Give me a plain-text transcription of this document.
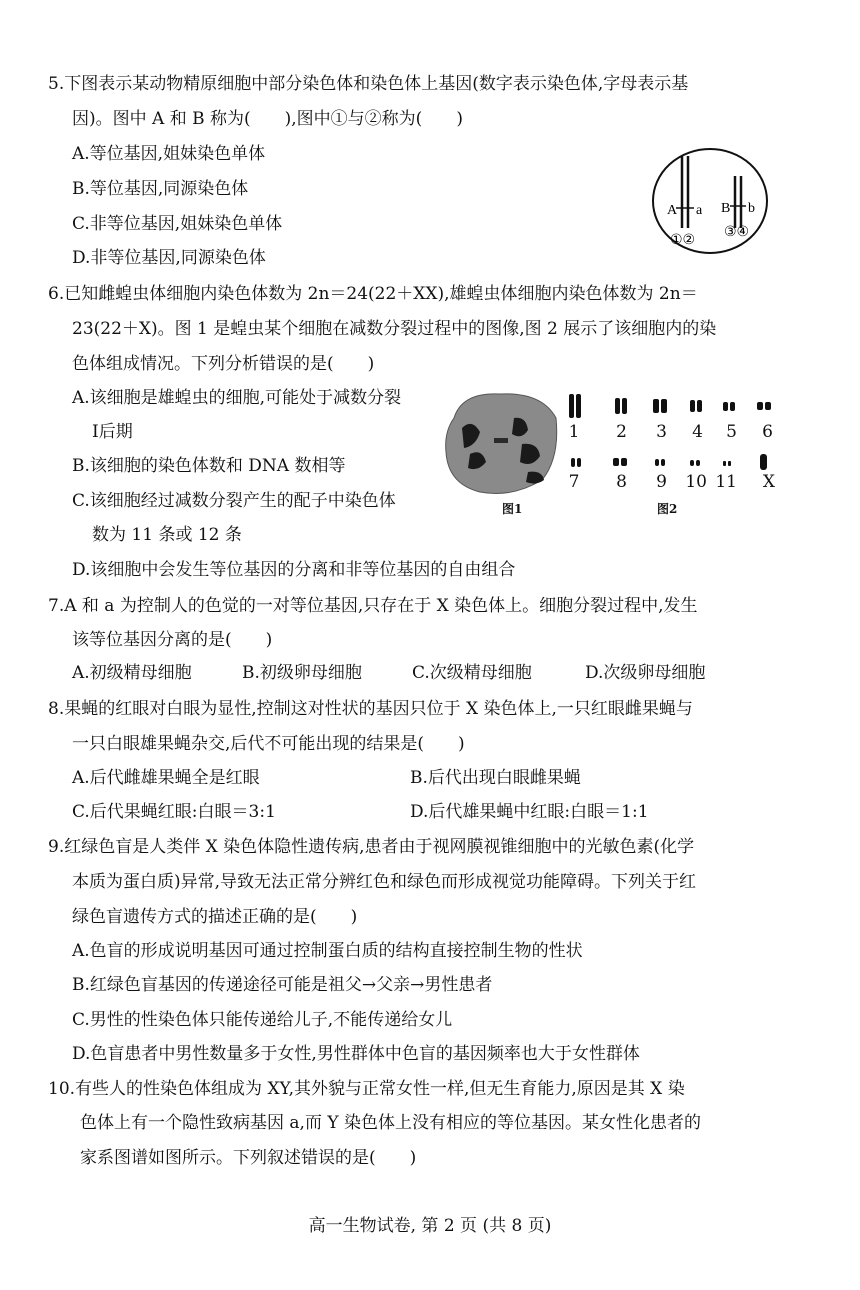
5.下图表示某动物精原细胞中部分染色体和染色体上基因(数字表示染色体,字母表示基
因)。图中 A 和 B 称为(　　),图中①与②称为(　　)
A.等位基因,姐妹染色单体
B.等位基因,同源染色体
C.非等位基因,姐妹染色单体
D.非等位基因,同源染色体
A a B b
①② ③④
6.已知雌蝗虫体细胞内染色体数为 2n＝24(22＋XX),雄蝗虫体细胞内染色体数为 2n＝
23(22＋X)。图 1 是蝗虫某个细胞在减数分裂过程中的图像,图 2 展示了该细胞内的染
色体组成情况。下列分析错误的是(　　)
A.该细胞是雄蝗虫的细胞,可能处于减数分裂
Ⅰ后期
B.该细胞的染色体数和 DNA 数相等
C.该细胞经过减数分裂产生的配子中染色体
数为 11 条或 12 条
D.该细胞中会发生等位基因的分离和非等位基因的自由组合
图1
1	2	3	4	5	6
7	8	9	10 11	X
图2
7.A 和 a 为控制人的色觉的一对等位基因,只存在于 X 染色体上。细胞分裂过程中,发生
该等位基因分离的是(　　)
A.初级精母细胞	B.初级卵母细胞	C.次级精母细胞	D.次级卵母细胞
8.果蝇的红眼对白眼为显性,控制这对性状的基因只位于 X 染色体上,一只红眼雌果蝇与
一只白眼雄果蝇杂交,后代不可能出现的结果是(　　)
A.后代雌雄果蝇全是红眼	B.后代出现白眼雌果蝇
C.后代果蝇红眼:白眼＝3:1	D.后代雄果蝇中红眼:白眼＝1:1
9.红绿色盲是人类伴 X 染色体隐性遗传病,患者由于视网膜视锥细胞中的光敏色素(化学
本质为蛋白质)异常,导致无法正常分辨红色和绿色而形成视觉功能障碍。下列关于红
绿色盲遗传方式的描述正确的是(　　)
A.色盲的形成说明基因可通过控制蛋白质的结构直接控制生物的性状
B.红绿色盲基因的传递途径可能是祖父→父亲→男性患者
C.男性的性染色体只能传递给儿子,不能传递给女儿
D.色盲患者中男性数量多于女性,男性群体中色盲的基因频率也大于女性群体
10.有些人的性染色体组成为 XY,其外貌与正常女性一样,但无生育能力,原因是其 X 染
色体上有一个隐性致病基因 a,而 Y 染色体上没有相应的等位基因。某女性化患者的
家系图谱如图所示。下列叙述错误的是(　　)
高一生物试卷, 第 2 页 (共 8 页)
